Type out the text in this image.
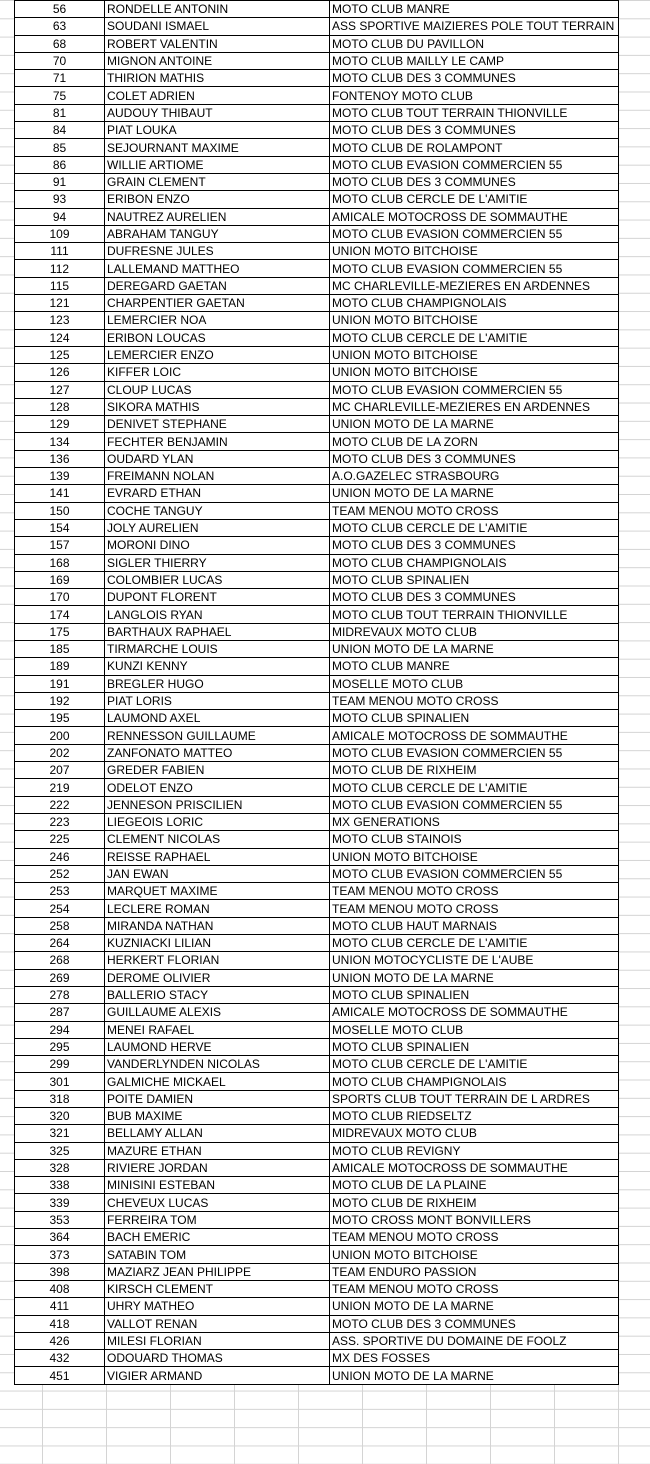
56	RONDELLE ANTONIN	MOTO CLUB MANRE
63	SOUDANI ISMAEL	ASS SPORTIVE MAIZIERES POLE TOUT TERRAIN
68	ROBERT VALENTIN	MOTO CLUB DU PAVILLON
70	MIGNON ANTOINE	MOTO CLUB MAILLY LE CAMP
71	THIRION MATHIS	MOTO CLUB DES 3 COMMUNES
75	COLET ADRIEN	FONTENOY MOTO CLUB
81	AUDOUY THIBAUT	MOTO CLUB TOUT TERRAIN THIONVILLE
84	PIAT LOUKA	MOTO CLUB DES 3 COMMUNES
85	SEJOURNANT MAXIME	MOTO CLUB DE ROLAMPONT
86	WILLIE ARTIOME	MOTO CLUB EVASION COMMERCIEN 55
91	GRAIN CLEMENT	MOTO CLUB DES 3 COMMUNES
93	ERIBON ENZO	MOTO CLUB CERCLE DE L'AMITIE
94	NAUTREZ AURELIEN	AMICALE MOTOCROSS DE SOMMAUTHE
109	ABRAHAM TANGUY	MOTO CLUB EVASION COMMERCIEN 55
111	DUFRESNE JULES	UNION MOTO BITCHOISE
112	LALLEMAND MATTHEO	MOTO CLUB EVASION COMMERCIEN 55
115	DEREGARD GAETAN	MC CHARLEVILLE-MEZIERES EN ARDENNES
121	CHARPENTIER GAETAN	MOTO CLUB CHAMPIGNOLAIS
123	LEMERCIER NOA	UNION MOTO BITCHOISE
124	ERIBON LOUCAS	MOTO CLUB CERCLE DE L'AMITIE
125	LEMERCIER ENZO	UNION MOTO BITCHOISE
126	KIFFER LOIC	UNION MOTO BITCHOISE
127	CLOUP LUCAS	MOTO CLUB EVASION COMMERCIEN 55
128	SIKORA MATHIS	MC CHARLEVILLE-MEZIERES EN ARDENNES
129	DENIVET STEPHANE	UNION MOTO DE LA MARNE
134	FECHTER BENJAMIN	MOTO CLUB DE LA ZORN
136	OUDARD YLAN	MOTO CLUB DES 3 COMMUNES
139	FREIMANN NOLAN	A.O.GAZELEC STRASBOURG
141	EVRARD ETHAN	UNION MOTO DE LA MARNE
150	COCHE TANGUY	TEAM MENOU MOTO CROSS
154	JOLY AURELIEN	MOTO CLUB CERCLE DE L'AMITIE
157	MORONI DINO	MOTO CLUB DES 3 COMMUNES
168	SIGLER THIERRY	MOTO CLUB CHAMPIGNOLAIS
169	COLOMBIER LUCAS	MOTO CLUB SPINALIEN
170	DUPONT FLORENT	MOTO CLUB DES 3 COMMUNES
174	LANGLOIS RYAN	MOTO CLUB TOUT TERRAIN THIONVILLE
175	BARTHAUX RAPHAEL	MIDREVAUX MOTO CLUB
185	TIRMARCHE LOUIS	UNION MOTO DE LA MARNE
189	KUNZI KENNY	MOTO CLUB MANRE
191	BREGLER HUGO	MOSELLE MOTO CLUB
192	PIAT LORIS	TEAM MENOU MOTO CROSS
195	LAUMOND AXEL	MOTO CLUB SPINALIEN
200	RENNESSON GUILLAUME	AMICALE MOTOCROSS DE SOMMAUTHE
202	ZANFONATO MATTEO	MOTO CLUB EVASION COMMERCIEN 55
207	GREDER FABIEN	MOTO CLUB DE RIXHEIM
219	ODELOT ENZO	MOTO CLUB CERCLE DE L'AMITIE
222	JENNESON PRISCILIEN	MOTO CLUB EVASION COMMERCIEN 55
223	LIEGEOIS LORIC	MX GENERATIONS
225	CLEMENT NICOLAS	MOTO CLUB STAINOIS
246	REISSE RAPHAEL	UNION MOTO BITCHOISE
252	JAN EWAN	MOTO CLUB EVASION COMMERCIEN 55
253	MARQUET MAXIME	TEAM MENOU MOTO CROSS
254	LECLERE ROMAN	TEAM MENOU MOTO CROSS
258	MIRANDA NATHAN	MOTO CLUB HAUT MARNAIS
264	KUZNIACKI LILIAN	MOTO CLUB CERCLE DE L'AMITIE
268	HERKERT FLORIAN	UNION MOTOCYCLISTE DE L'AUBE
269	DEROME OLIVIER	UNION MOTO DE LA MARNE
278	BALLERIO STACY	MOTO CLUB SPINALIEN
287	GUILLAUME ALEXIS	AMICALE MOTOCROSS DE SOMMAUTHE
294	MENEI RAFAEL	MOSELLE MOTO CLUB
295	LAUMOND HERVE	MOTO CLUB SPINALIEN
299	VANDERLYNDEN NICOLAS	MOTO CLUB CERCLE DE L'AMITIE
301	GALMICHE MICKAEL	MOTO CLUB CHAMPIGNOLAIS
318	POITE DAMIEN	SPORTS CLUB TOUT TERRAIN DE L ARDRES
320	BUB MAXIME	MOTO CLUB RIEDSELTZ
321	BELLAMY ALLAN	MIDREVAUX MOTO CLUB
325	MAZURE ETHAN	MOTO CLUB REVIGNY
328	RIVIERE JORDAN	AMICALE MOTOCROSS DE SOMMAUTHE
338	MINISINI ESTEBAN	MOTO CLUB DE LA PLAINE
339	CHEVEUX LUCAS	MOTO CLUB DE RIXHEIM
353	FERREIRA TOM	MOTO CROSS MONT BONVILLERS
364	BACH EMERIC	TEAM MENOU MOTO CROSS
373	SATABIN TOM	UNION MOTO BITCHOISE
398	MAZIARZ JEAN PHILIPPE	TEAM ENDURO PASSION
408	KIRSCH CLEMENT	TEAM MENOU MOTO CROSS
411	UHRY MATHEO	UNION MOTO DE LA MARNE
418	VALLOT RENAN	MOTO CLUB DES 3 COMMUNES
426	MILESI FLORIAN	ASS. SPORTIVE DU DOMAINE DE FOOLZ
432	ODOUARD THOMAS	MX DES FOSSES
451	VIGIER ARMAND	UNION MOTO DE LA MARNE
